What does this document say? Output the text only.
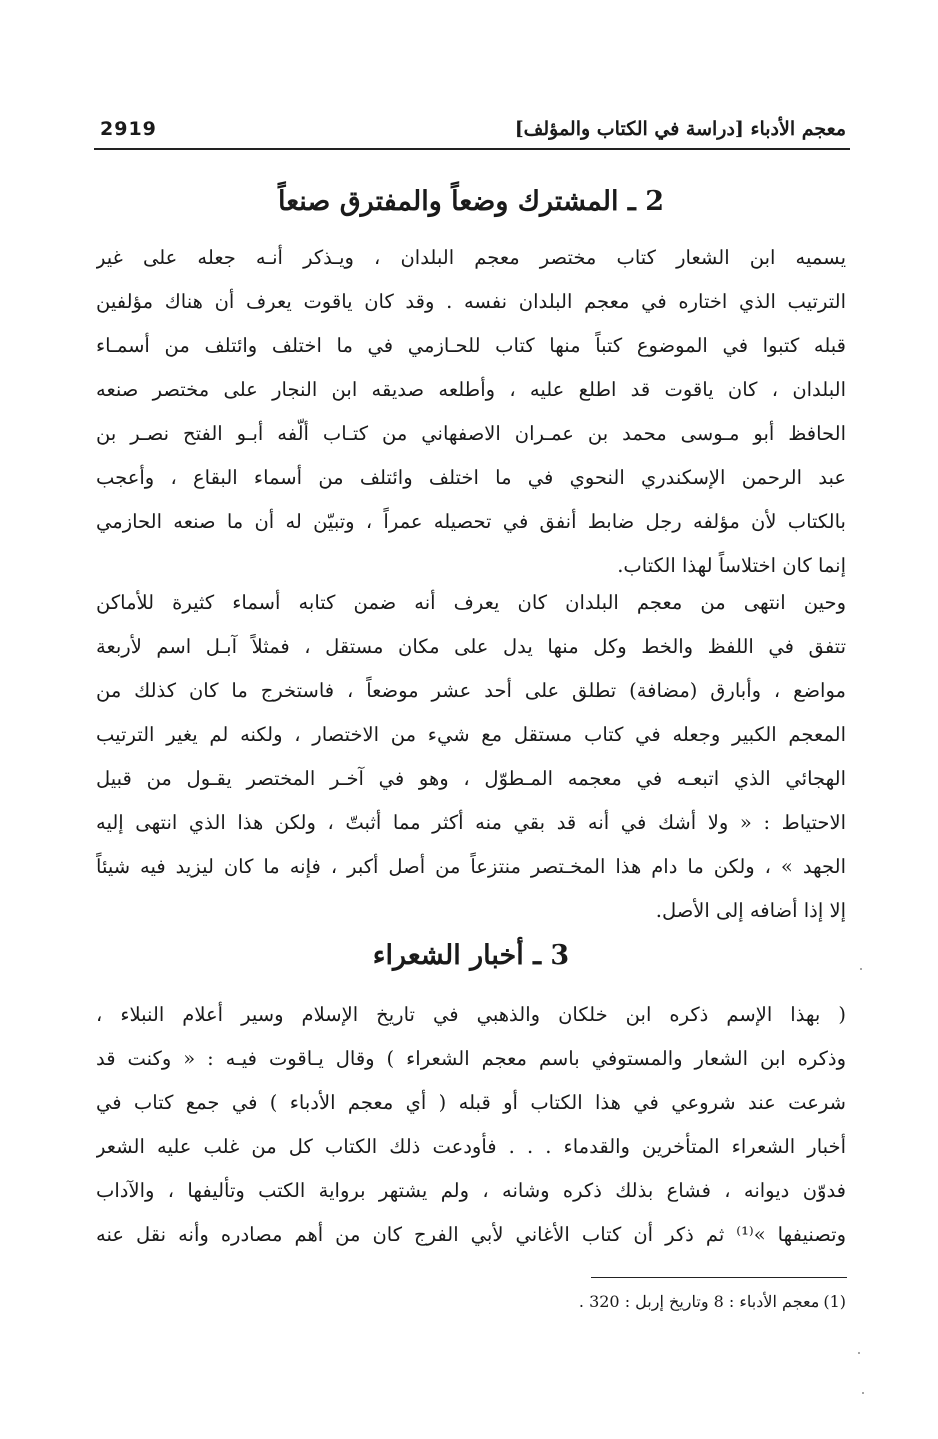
معجم الأدباء [دراسة في الكتاب والمؤلف]
2919
2 ـ المشترك وضعاً والمفترق صنعاً
يسميه ابن الشعار كتاب مختصر معجم البلدان ، ويـذكر أنـه جعله على غير
الترتيب الذي اختاره في معجم البلدان نفسه . وقد كان ياقوت يعرف أن هناك مؤلفين
قبله كتبوا في الموضوع كتباً منها كتاب للحـازمي في ما اختلف وائتلف من أسمـاء
البلدان ، كان ياقوت قد اطلع عليه ، وأطلعه صديقه ابن النجار على مختصر صنعه
الحافظ أبو مـوسى محمد بن عمـران الاصفهاني من كتـاب ألّفه أبـو الفتح نصـر بن
عبد الرحمن الإسكندري النحوي في ما اختلف وائتلف من أسماء البقاع ، وأعجب
بالكتاب لأن مؤلفه رجل ضابط أنفق في تحصيله عمراً ، وتبيّن له أن ما صنعه الحازمي
إنما كان اختلاساً لهذا الكتاب.
وحين انتهى من معجم البلدان كان يعرف أنه ضمن كتابه أسماء كثيرة للأماكن
تتفق في اللفظ والخط وكل منها يدل على مكان مستقل ، فمثلاً آبـل اسم لأربعة
مواضع ، وأبارق (مضافة) تطلق على أحد عشر موضعاً ، فاستخرج ما كان كذلك من
المعجم الكبير وجعله في كتاب مستقل مع شيء من الاختصار ، ولكنه لم يغير الترتيب
الهجائي الذي اتبعـه في معجمه المـطوّل ، وهو في آخـر المختصر يقـول من قبيل
الاحتياط : « ولا أشك في أنه قد بقي منه أكثر مما أثبتّ ، ولكن هذا الذي انتهى إليه
الجهد » ، ولكن ما دام هذا المخـتصر منتزعاً من أصل أكبر ، فإنه ما كان ليزيد فيه شيئاً
إلا إذا أضافه إلى الأصل.
3 ـ أخبار الشعراء
( بهذا الإسم ذكره ابن خلكان والذهبي في تاريخ الإسلام وسير أعلام النبلاء ،
وذكره ابن الشعار والمستوفي باسم معجم الشعراء ) وقال يـاقوت فيـه : « وكنت قد
شرعت عند شروعي في هذا الكتاب أو قبله ( أي معجم الأدباء ) في جمع كتاب في
أخبار الشعراء المتأخرين والقدماء . . . فأودعت ذلك الكتاب كل من غلب عليه الشعر
فدوّن ديوانه ، فشاع بذلك ذكره وشانه ، ولم يشتهر برواية الكتب وتأليفها ، والآداب
وتصنيفها »⁽¹⁾ ثم ذكر أن كتاب الأغاني لأبي الفرج كان من أهم مصادره وأنه نقل عنه
(1)معجم الأدباء : 8 وتاريخ إربل : 320 .
